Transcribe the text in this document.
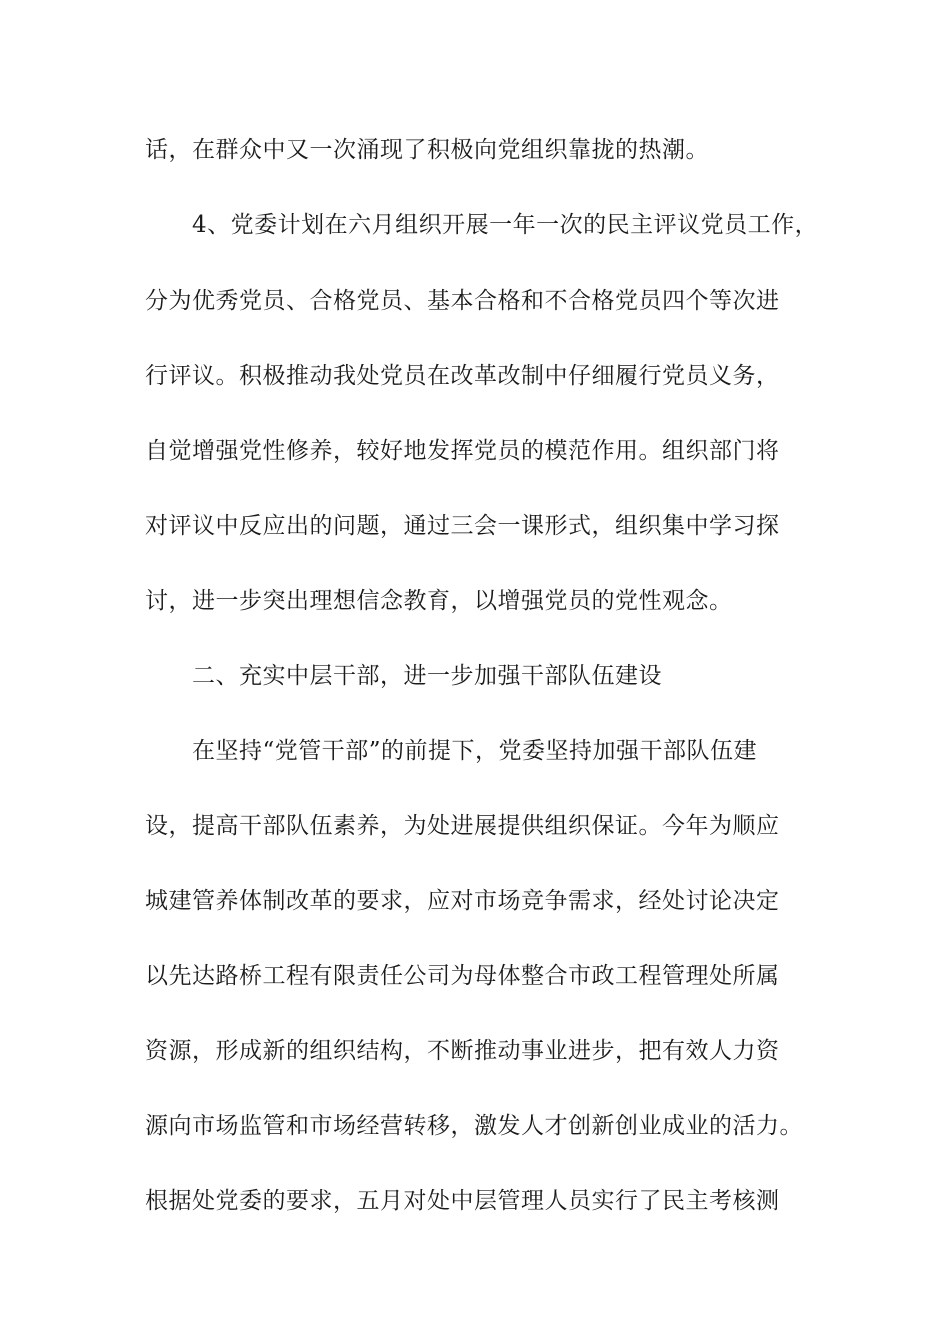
话，在群众中又一次涌现了积极向党组织靠拢的热潮。
4、党委计划在六月组织开展一年一次的民主评议党员工作，
分为优秀党员、合格党员、基本合格和不合格党员四个等次进
行评议。积极推动我处党员在改革改制中仔细履行党员义务，
自觉增强党性修养，较好地发挥党员的模范作用。组织部门将
对评议中反应出的问题，通过三会一课形式，组织集中学习探
讨，进一步突出理想信念教育，以增强党员的党性观念。
二、充实中层干部，进一步加强干部队伍建设
在坚持“党管干部”的前提下，党委坚持加强干部队伍建
设，提高干部队伍素养，为处进展提供组织保证。今年为顺应
城建管养体制改革的要求，应对市场竞争需求，经处讨论决定
以先达路桥工程有限责任公司为母体整合市政工程管理处所属
资源，形成新的组织结构，不断推动事业进步，把有效人力资
源向市场监管和市场经营转移，激发人才创新创业成业的活力。
根据处党委的要求，五月对处中层管理人员实行了民主考核测
